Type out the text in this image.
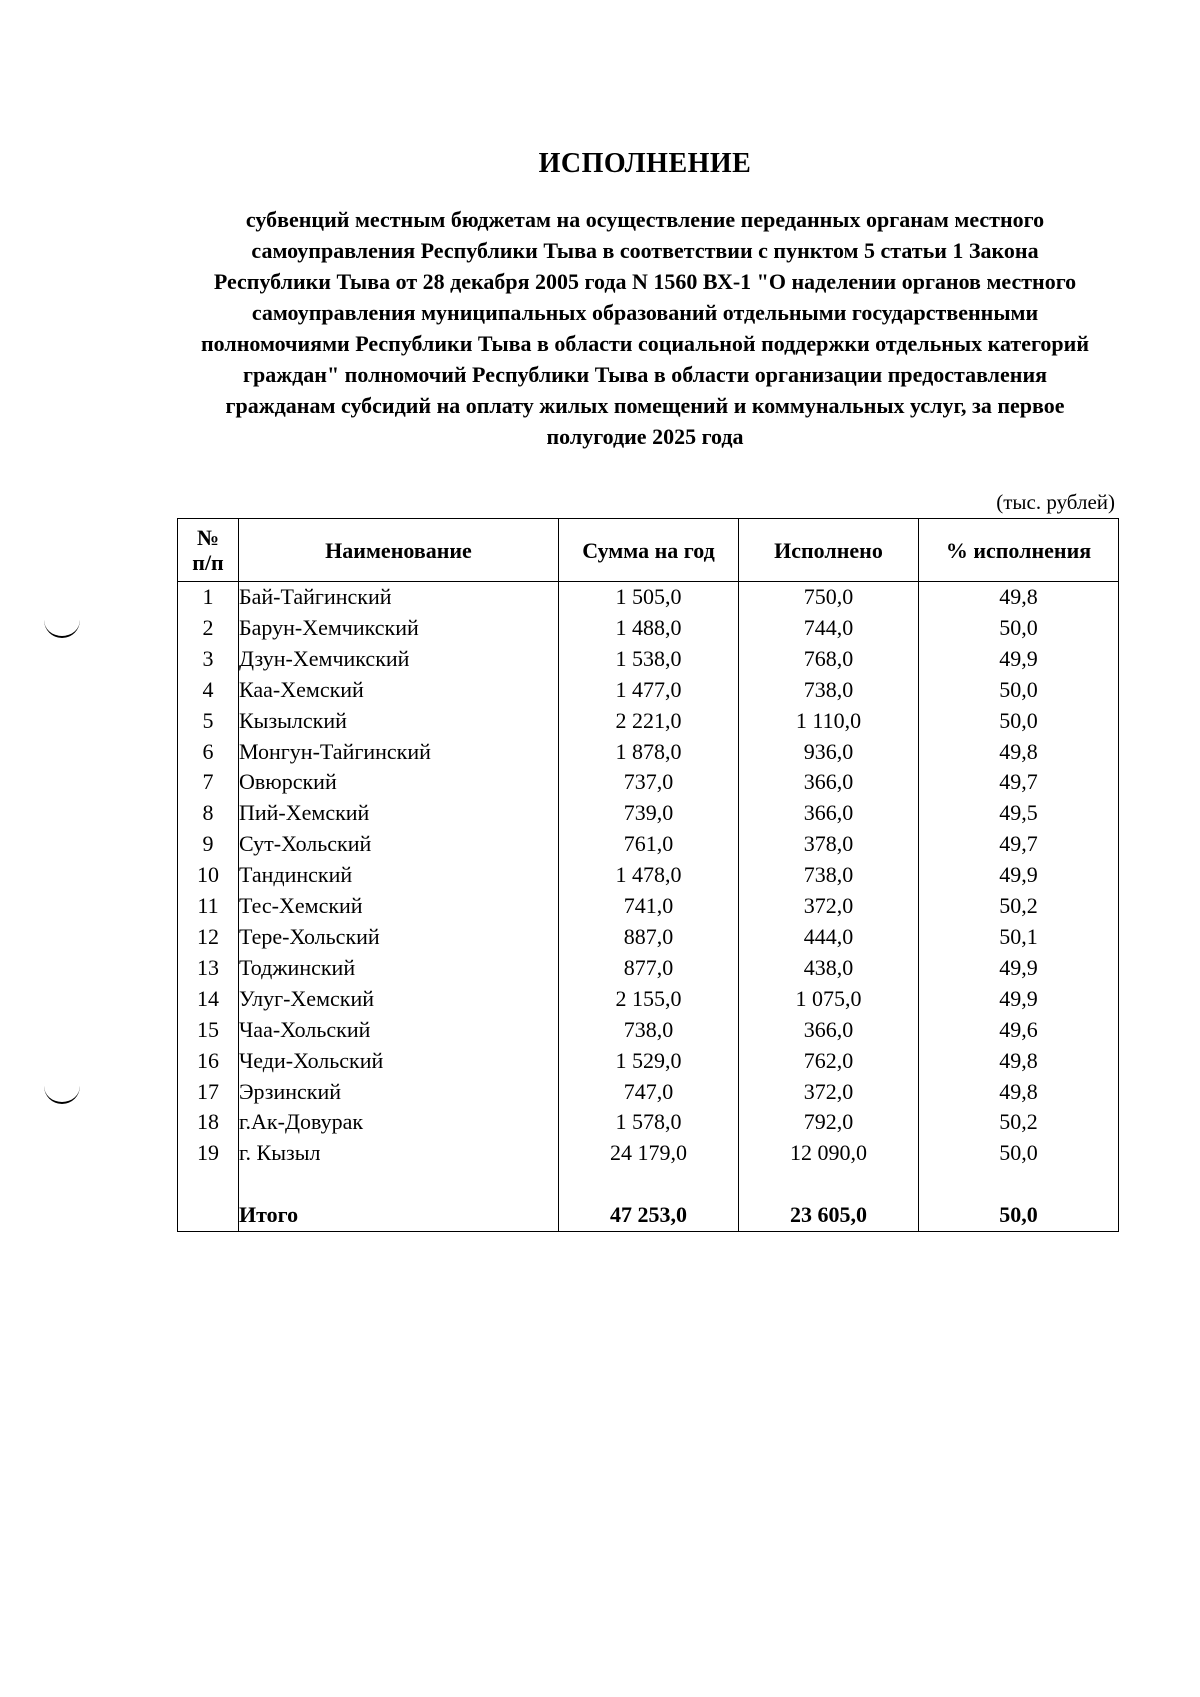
ИСПОЛНЕНИЕ
субвенций местным бюджетам на осуществление переданных органам местного самоуправления Республики Тыва в соответствии с пунктом 5 статьи 1 Закона Республики Тыва от 28 декабря 2005 года N 1560 ВХ-1 "О наделении органов местного самоуправления муниципальных образований отдельными государственными полномочиями Республики Тыва в области социальной поддержки отдельных категорий граждан" полномочий Республики Тыва в области организации предоставления гражданам субсидий на оплату жилых помещений и коммунальных услуг, за первое полугодие 2025 года
(тыс. рублей)
№
п/п	Наименование	Сумма на год	Исполнено	% исполнения
1	Бай-Тайгинский	1 505,0	750,0	49,8
2	Барун-Хемчикский	1 488,0	744,0	50,0
3	Дзун-Хемчикский	1 538,0	768,0	49,9
4	Каа-Хемский	1 477,0	738,0	50,0
5	Кызылский	2 221,0	1 110,0	50,0
6	Монгун-Тайгинский	1 878,0	936,0	49,8
7	Овюрский	737,0	366,0	49,7
8	Пий-Хемский	739,0	366,0	49,5
9	Сут-Хольский	761,0	378,0	49,7
10	Тандинский	1 478,0	738,0	49,9
11	Тес-Хемский	741,0	372,0	50,2
12	Тере-Хольский	887,0	444,0	50,1
13	Тоджинский	877,0	438,0	49,9
14	Улуг-Хемский	2 155,0	1 075,0	49,9
15	Чаа-Хольский	738,0	366,0	49,6
16	Чеди-Хольский	1 529,0	762,0	49,8
17	Эрзинский	747,0	372,0	49,8
18	г.Ак-Довурак	1 578,0	792,0	50,2
19	г. Кызыл	24 179,0	12 090,0	50,0

	Итого	47 253,0	23 605,0	50,0
